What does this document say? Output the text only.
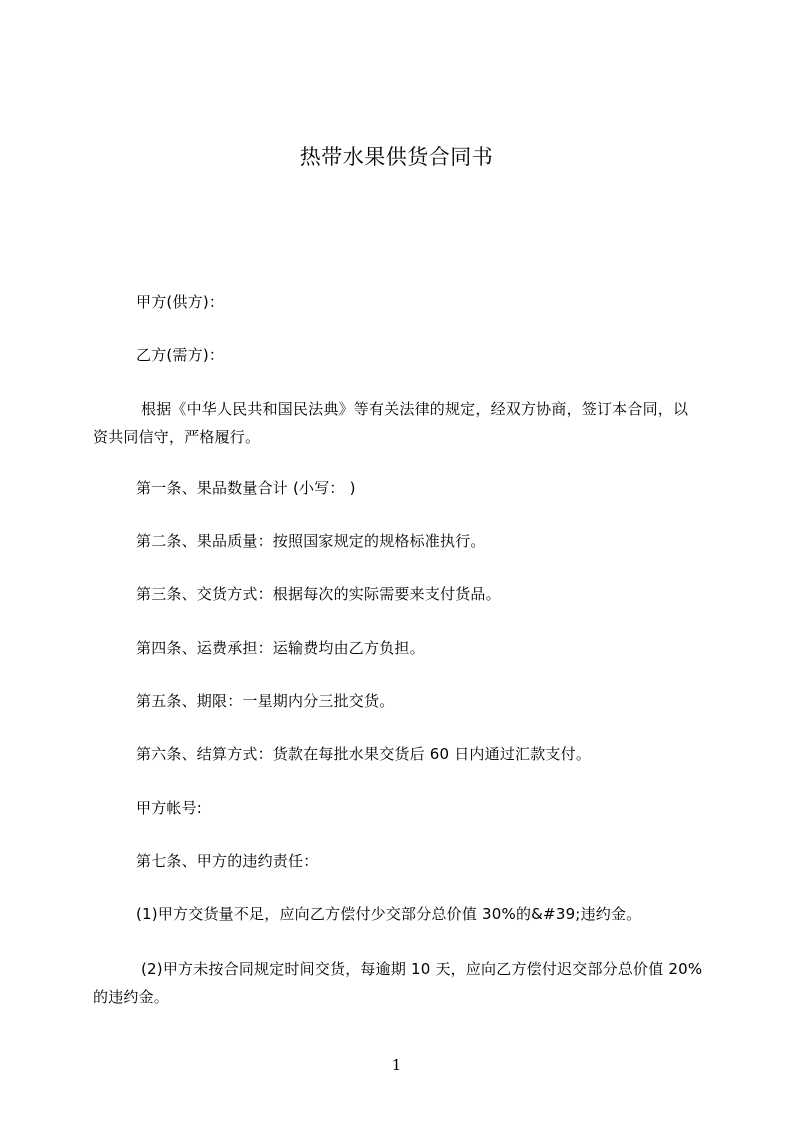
热带水果供货合同书
甲方(供方)：
乙方(需方)：
根据《中华人民共和国民法典》等有关法律的规定，经双方协商，签订本合同，以资共同信守，严格履行。
第一条、果品数量合计 (小写： )
第二条、果品质量：按照国家规定的规格标准执行。
第三条、交货方式：根据每次的实际需要来支付货品。
第四条、运费承担：运输费均由乙方负担。
第五条、期限：一星期内分三批交货。
第六条、结算方式：货款在每批水果交货后 60 日内通过汇款支付。
甲方帐号:
第七条、甲方的违约责任：
(1)甲方交货量不足，应向乙方偿付少交部分总价值 30%的&#39;违约金。
(2)甲方未按合同规定时间交货，每逾期 10 天，应向乙方偿付迟交部分总价值 20%的违约金。
1
